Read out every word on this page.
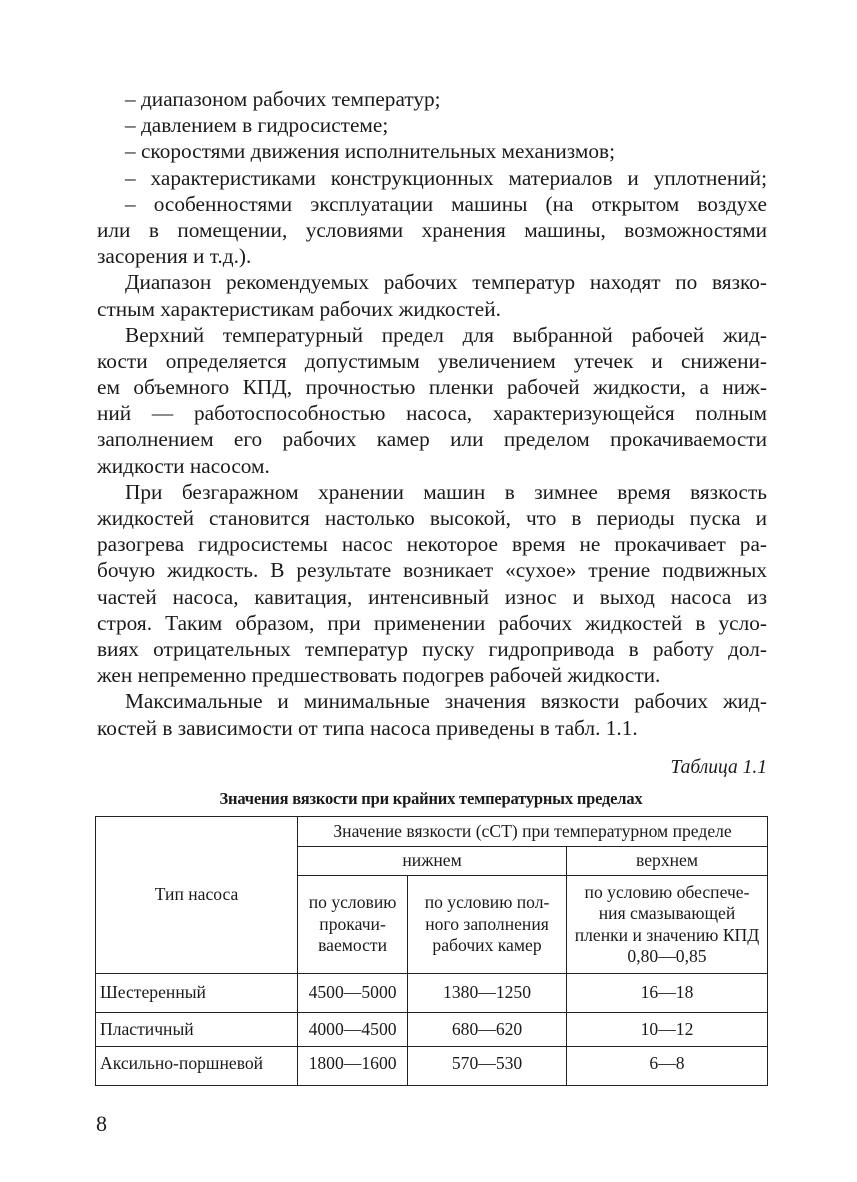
– диапазоном рабочих температур;
– давлением в гидросистеме;
– скоростями движения исполнительных механизмов;
– характеристиками конструкционных материалов и уплотнений;
– особенностями эксплуатации машины (на открытом воздухе
или в помещении, условиями хранения машины, возможностями
засорения и т.д.).
Диапазон рекомендуемых рабочих температур находят по вязко-
стным характеристикам рабочих жидкостей.
Верхний температурный предел для выбранной рабочей жид-
кости определяется допустимым увеличением утечек и снижени-
ем объемного КПД, прочностью пленки рабочей жидкости, а ниж-
ний — работоспособностью насоса, характеризующейся полным
заполнением его рабочих камер или пределом прокачиваемости
жидкости насосом.
При безгаражном хранении машин в зимнее время вязкость
жидкостей становится настолько высокой, что в периоды пуска и
разогрева гидросистемы насос некоторое время не прокачивает ра-
бочую жидкость. В результате возникает «сухое» трение подвижных
частей насоса, кавитация, интенсивный износ и выход насоса из
строя. Таким образом, при применении рабочих жидкостей в усло-
виях отрицательных температур пуску гидропривода в работу дол-
жен непременно предшествовать подогрев рабочей жидкости.
Максимальные и минимальные значения вязкости рабочих жид-
костей в зависимости от типа насоса приведены в табл. 1.1.
Таблица 1.1
Значения вязкости при крайних температурных пределах
Тип насоса	Значение вязкости (сСТ) при температурном пределе		
	нижнем		верхнем
	по условию прокачи-ваемости	по условию пол-ного заполнения рабочих камер	по условию обеспече-ния смазывающей пленки и значению КПД 0,80—0,85
Шестеренный	4500—5000	1380—1250	16—18
Пластичный	4000—4500	680—620	10—12
Аксильно-поршневой	1800—1600	570—530	6—8
8
